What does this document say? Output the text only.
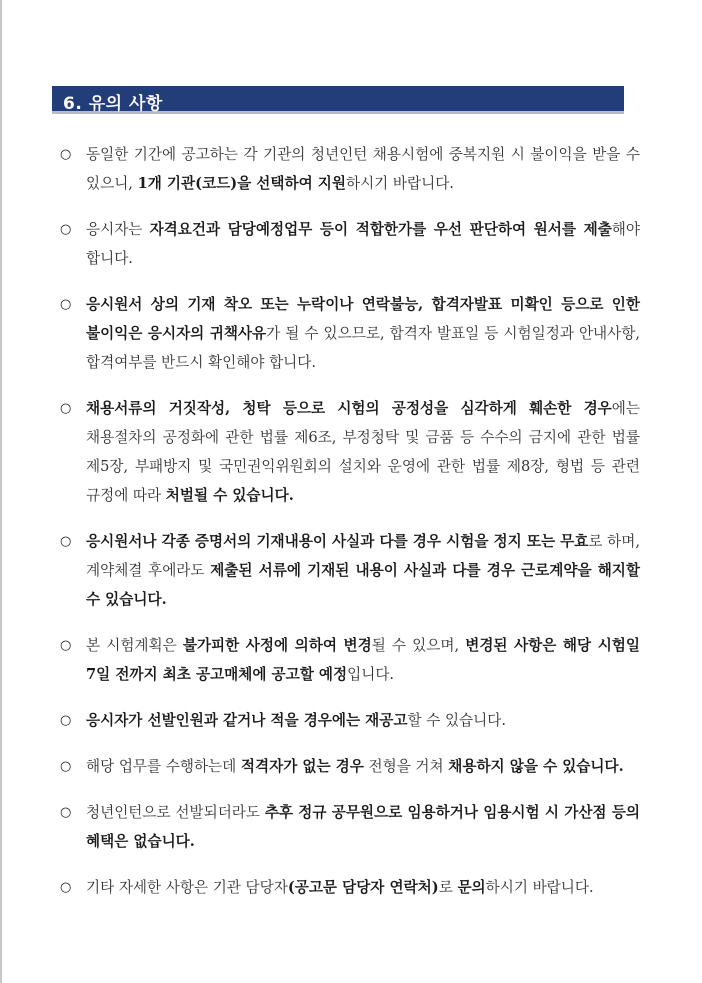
6. 유의 사항
○ 동일한 기간에 공고하는 각 기관의 청년인턴 채용시험에 중복지원 시 불이익을 받을 수 있으니, 1개 기관(코드)을 선택하여 지원하시기 바랍니다.
○ 응시자는 자격요건과 담당예정업무 등이 적합한가를 우선 판단하여 원서를 제출해야 합니다.
○ 응시원서 상의 기재 착오 또는 누락이나 연락불능, 합격자발표 미확인 등으로 인한 불이익은 응시자의 귀책사유가 될 수 있으므로, 합격자 발표일 등 시험일정과 안내사항, 합격여부를 반드시 확인해야 합니다.
○ 채용서류의 거짓작성, 청탁 등으로 시험의 공정성을 심각하게 훼손한 경우에는 채용절차의 공정화에 관한 법률 제6조, 부정청탁 및 금품 등 수수의 금지에 관한 법률 제5장, 부패방지 및 국민권익위원회의 설치와 운영에 관한 법률 제8장, 형법 등 관련 규정에 따라 처벌될 수 있습니다.
○ 응시원서나 각종 증명서의 기재내용이 사실과 다를 경우 시험을 정지 또는 무효로 하며, 계약체결 후에라도 제출된 서류에 기재된 내용이 사실과 다를 경우 근로계약을 해지할 수 있습니다.
○ 본 시험계획은 불가피한 사정에 의하여 변경될 수 있으며, 변경된 사항은 해당 시험일 7일 전까지 최초 공고매체에 공고할 예정입니다.
○ 응시자가 선발인원과 같거나 적을 경우에는 재공고할 수 있습니다.
○ 해당 업무를 수행하는데 적격자가 없는 경우 전형을 거쳐 채용하지 않을 수 있습니다.
○ 청년인턴으로 선발되더라도 추후 정규 공무원으로 임용하거나 임용시험 시 가산점 등의 혜택은 없습니다.
○ 기타 자세한 사항은 기관 담당자(공고문 담당자 연락처)로 문의하시기 바랍니다.
